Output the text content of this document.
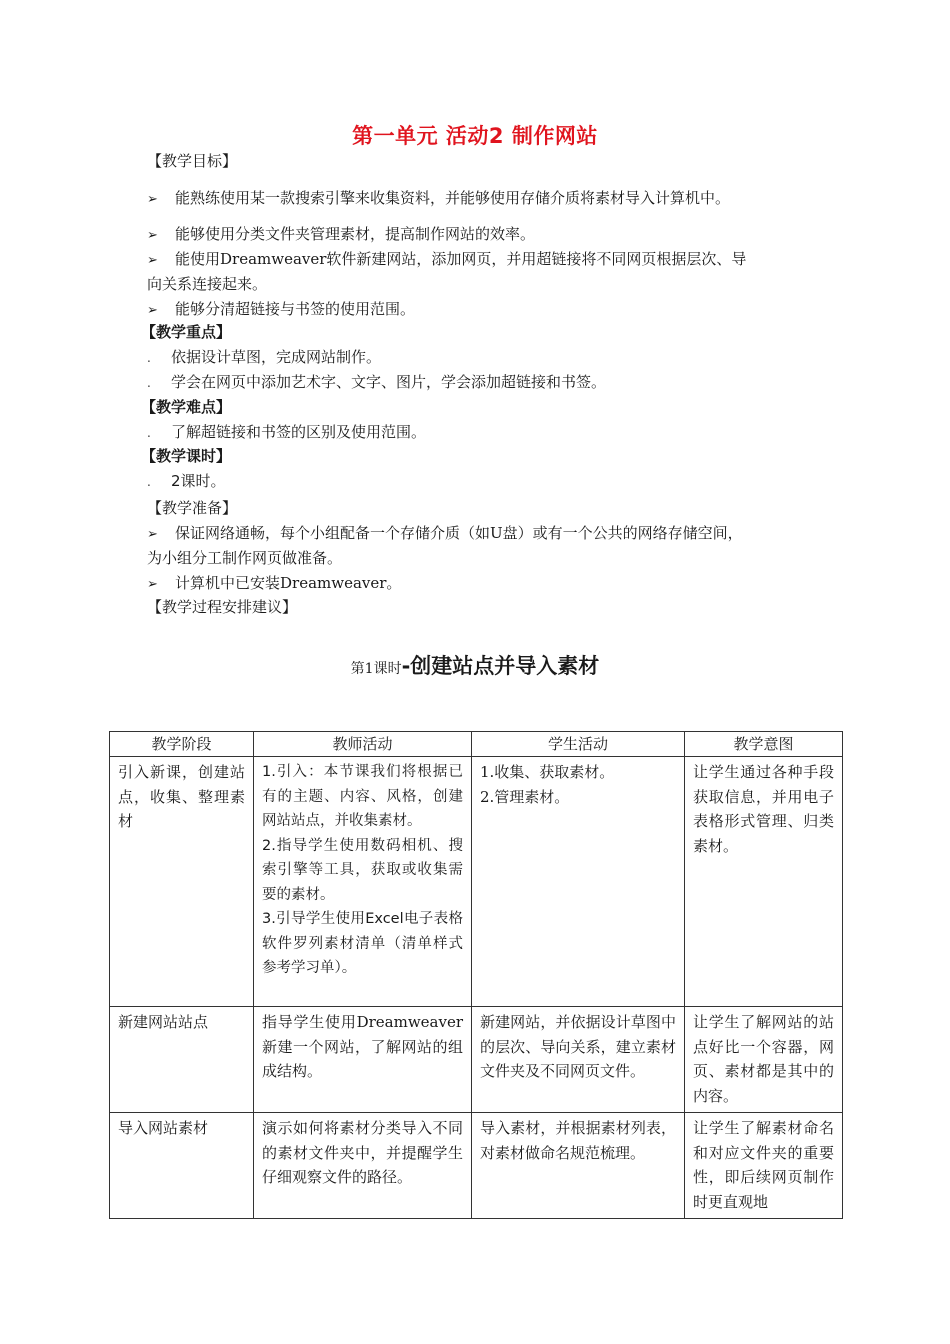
第一单元 活动2 制作网站
【教学目标】
➢ 能熟练使用某一款搜索引擎来收集资料，并能够使用存储介质将素材导入计算机中。
➢ 能够使用分类文件夹管理素材，提高制作网站的效率。
➢ 能使用Dreamweaver软件新建网站，添加网页，并用超链接将不同网页根据层次、导
向关系连接起来。
➢ 能够分清超链接与书签的使用范围。
【教学重点】
. 依据设计草图，完成网站制作。
. 学会在网页中添加艺术字、文字、图片，学会添加超链接和书签。
【教学难点】
. 了解超链接和书签的区别及使用范围。
【教学课时】
. 2课时。
【教学准备】
➢ 保证网络通畅，每个小组配备一个存储介质（如U盘）或有一个公共的网络存储空间，
为小组分工制作网页做准备。
➢ 计算机中已安装Dreamweaver。
【教学过程安排建议】
第1课时-创建站点并导入素材
教学阶段	教师活动	学生活动	教学意图
引入新课，创建站点，收集、整理素材	1.引入：本节课我们将根据已有的主题、内容、风格，创建网站站点，并收集素材。
2.指导学生使用数码相机、搜索引擎等工具，获取或收集需要的素材。
3.引导学生使用Excel电子表格软件罗列素材清单（清单样式参考学习单）。	1.收集、获取素材。
2.管理素材。	让学生通过各种手段获取信息，并用电子表格形式管理、归类素材。
新建网站站点	指导学生使用Dreamweaver新建一个网站，了解网站的组成结构。	新建网站，并依据设计草图中的层次、导向关系，建立素材文件夹及不同网页文件。	让学生了解网站的站点好比一个容器，网页、素材都是其中的内容。
导入网站素材	演示如何将素材分类导入不同的素材文件夹中，并提醒学生仔细观察文件的路径。	导入素材，并根据素材列表，对素材做命名规范梳理。	让学生了解素材命名和对应文件夹的重要性，即后续网页制作时更直观地
